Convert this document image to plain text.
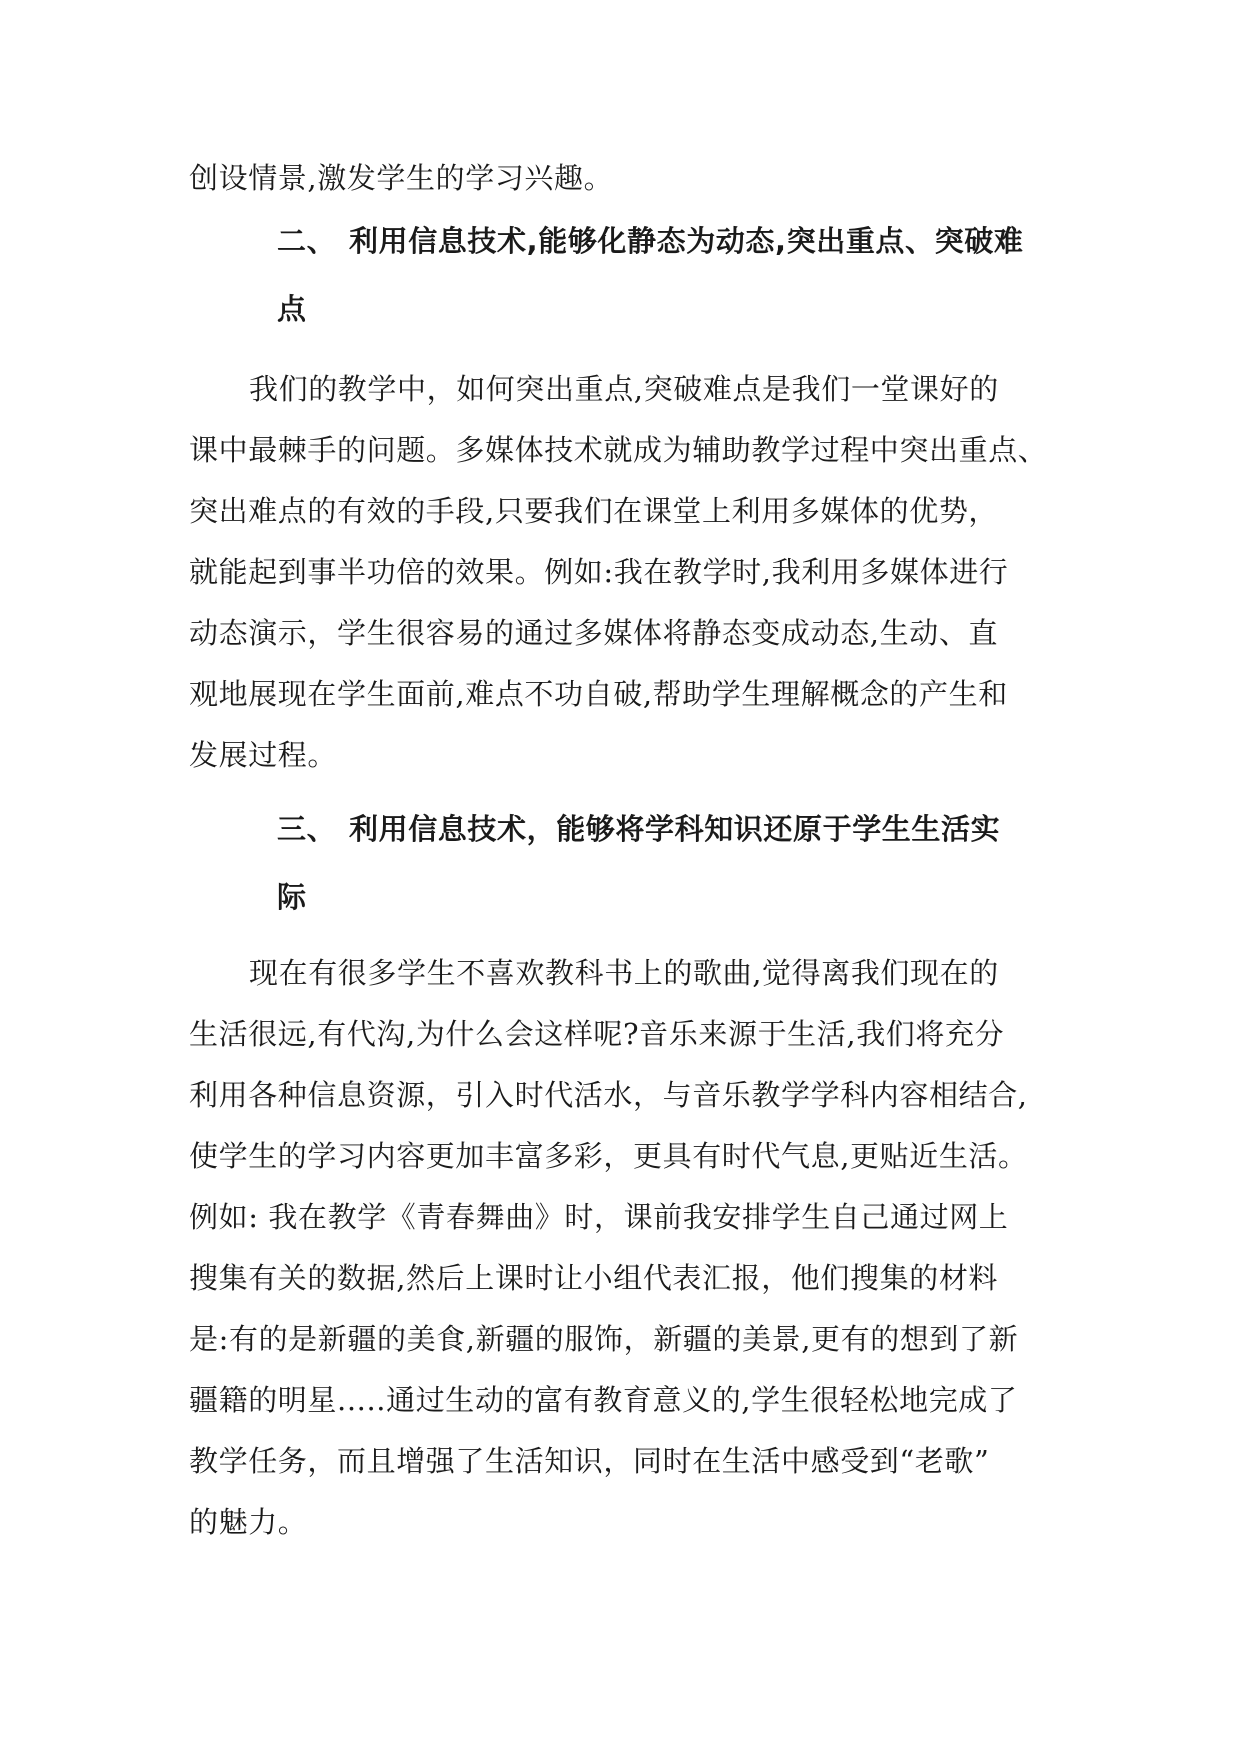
创设情景,激发学生的学习兴趣。
二、 利用信息技术,能够化静态为动态,突出重点、突破难
点
我们的教学中，如何突出重点,突破难点是我们一堂课好的
课中最棘手的问题。多媒体技术就成为辅助教学过程中突出重点、
突出难点的有效的手段,只要我们在课堂上利用多媒体的优势，
就能起到事半功倍的效果。例如:我在教学时,我利用多媒体进行
动态演示，学生很容易的通过多媒体将静态变成动态,生动、直
观地展现在学生面前,难点不功自破,帮助学生理解概念的产生和
发展过程。
三、 利用信息技术，能够将学科知识还原于学生生活实
际
现在有很多学生不喜欢教科书上的歌曲,觉得离我们现在的
生活很远,有代沟,为什么会这样呢?音乐来源于生活,我们将充分
利用各种信息资源，引入时代活水，与音乐教学学科内容相结合,
使学生的学习内容更加丰富多彩，更具有时代气息,更贴近生活。
例如: 我在教学《青春舞曲》时，课前我安排学生自己通过网上
搜集有关的数据,然后上课时让小组代表汇报，他们搜集的材料
是:有的是新疆的美食,新疆的服饰，新疆的美景,更有的想到了新
疆籍的明星.....通过生动的富有教育意义的,学生很轻松地完成了
教学任务，而且增强了生活知识，同时在生活中感受到“老歌”
的魅力。
